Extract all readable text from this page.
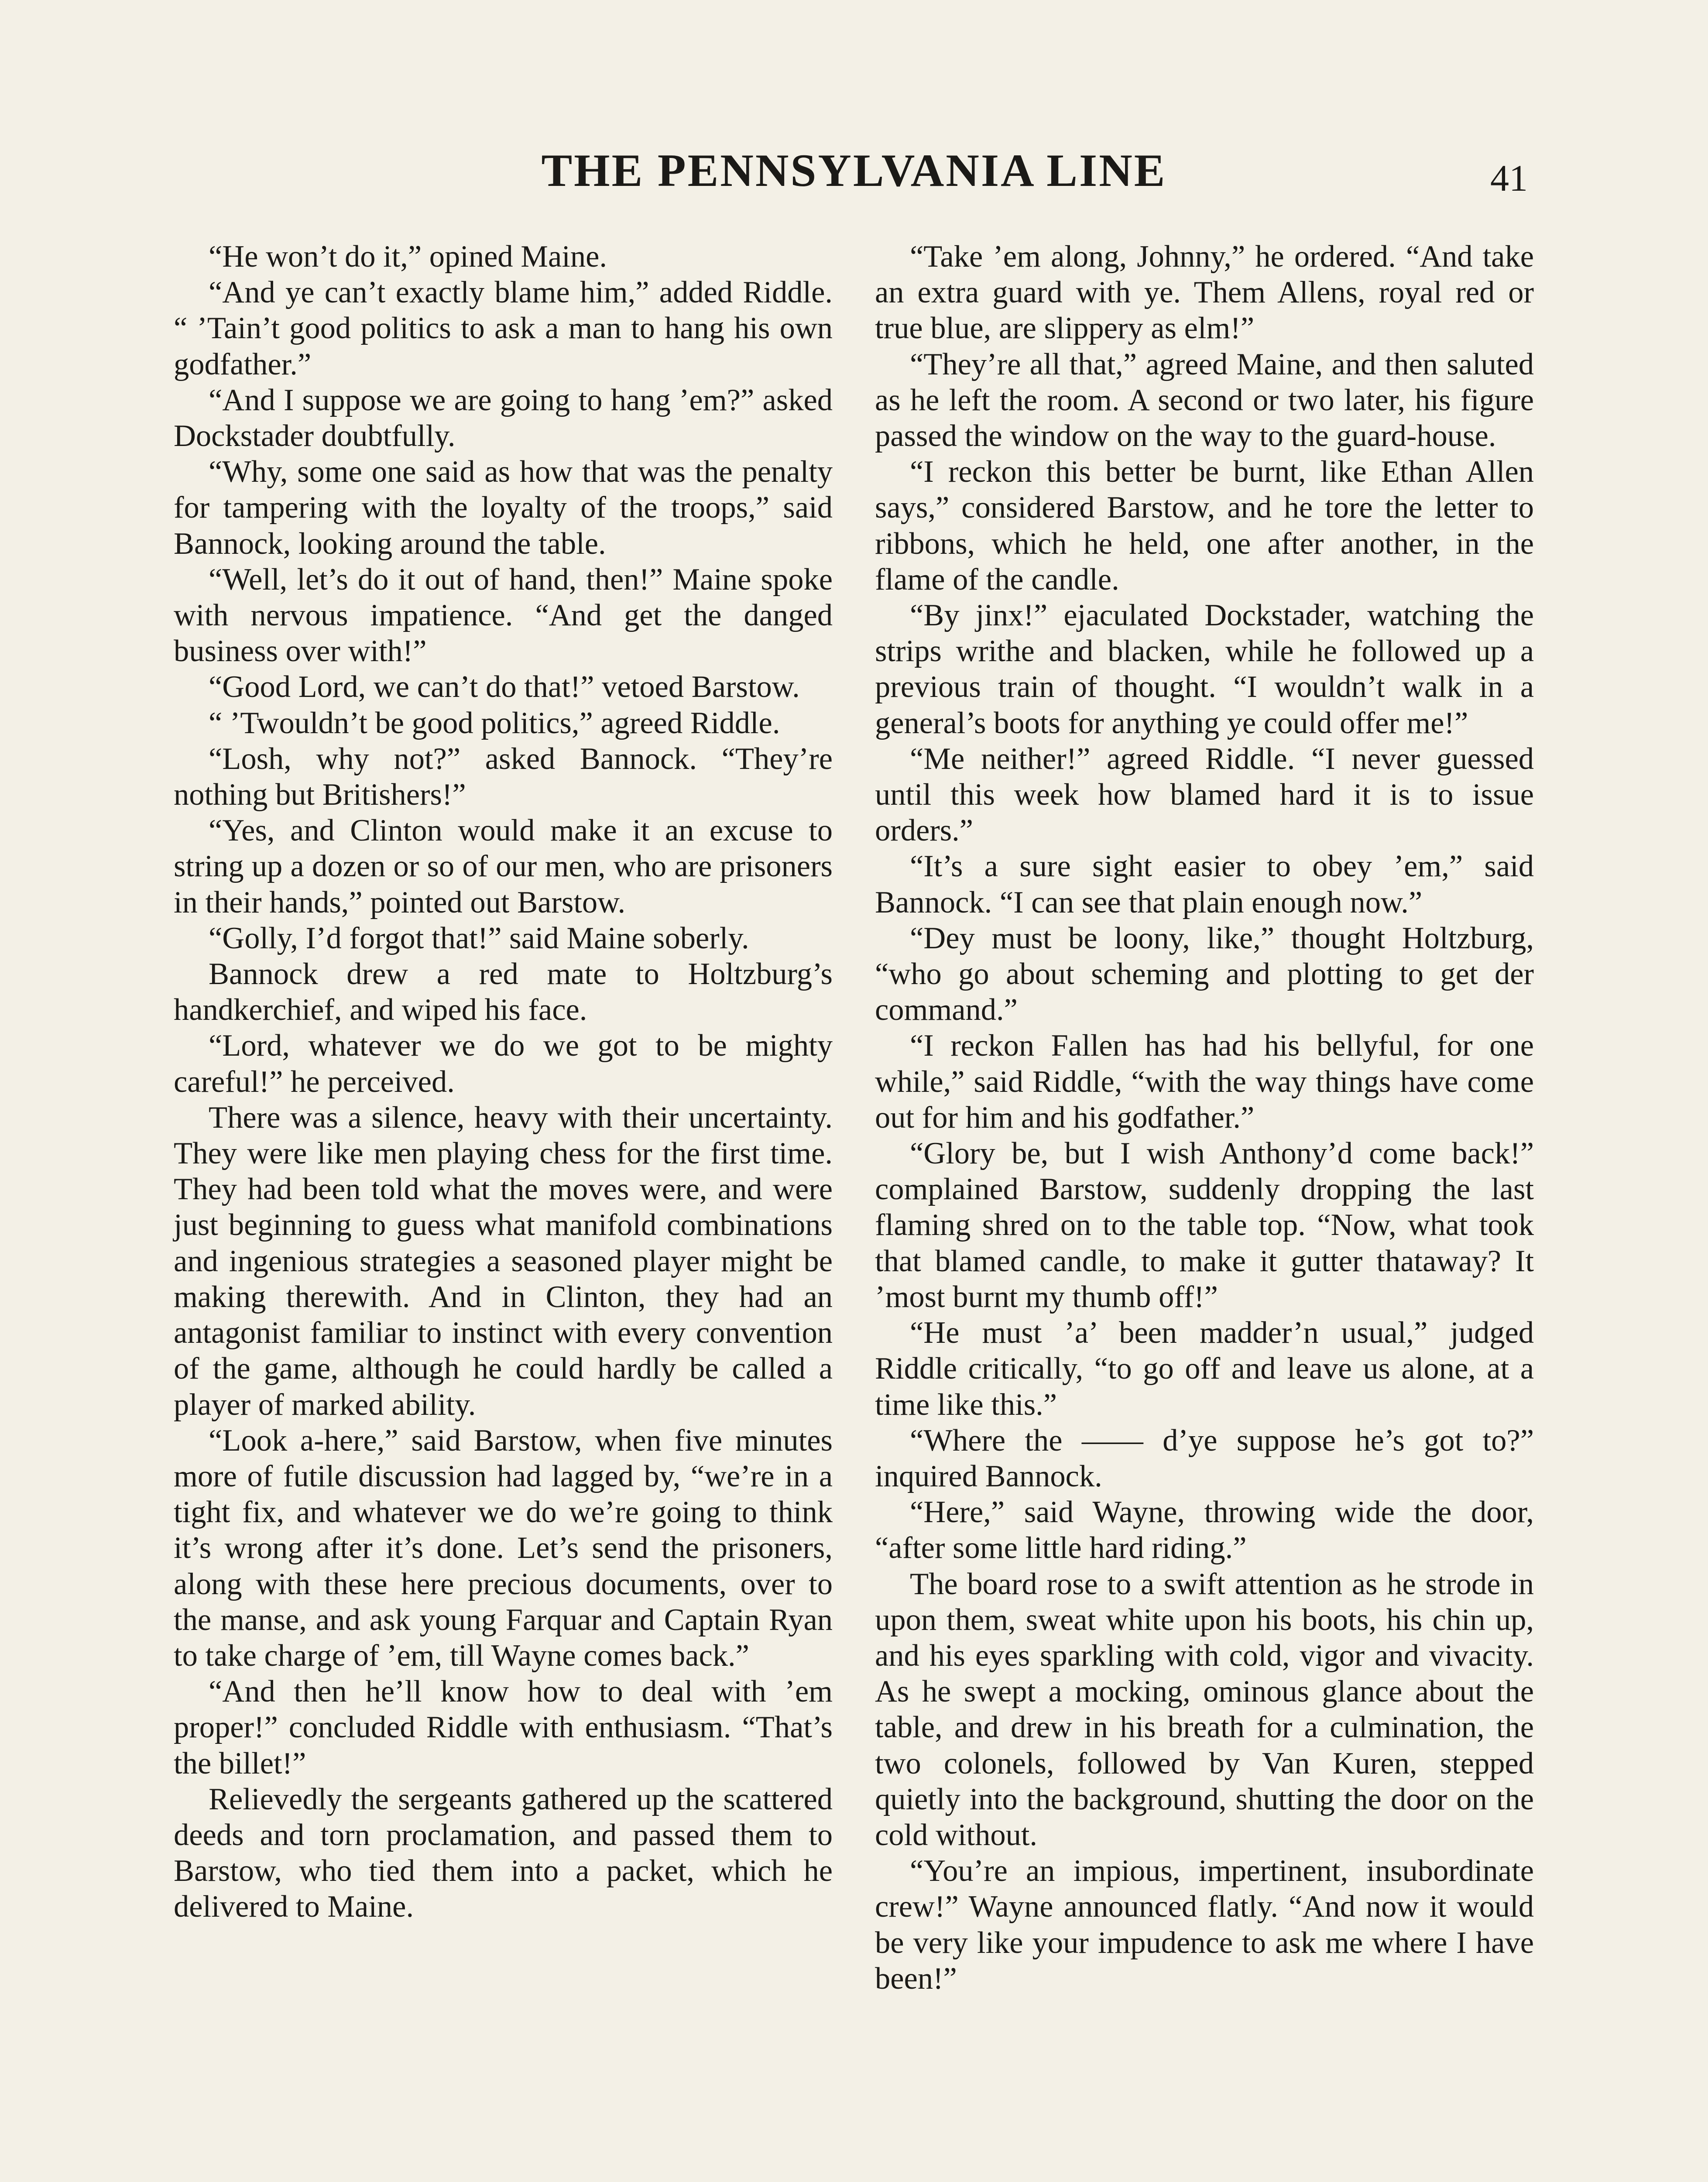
THE PENNSYLVANIA LINE	41

“He won’t do it,” opined Maine.

“And ye can’t exactly blame him,” added Riddle. “ ’Tain’t good politics to ask a man to hang his own godfather.”

“And I suppose we are going to hang ’em?” asked Dockstader doubtfully.

“Why, some one said as how that was the penalty for tampering with the loyalty of the troops,” said Bannock, looking around the table.

“Well, let’s do it out of hand, then!” Maine spoke with nervous impatience. “And get the danged business over with!”

“Good Lord, we can’t do that!” vetoed Barstow.

“ ’Twouldn’t be good politics,” agreed Riddle.

“Losh, why not?” asked Bannock. “They’re nothing but Britishers!”

“Yes, and Clinton would make it an excuse to string up a dozen or so of our men, who are prisoners in their hands,” pointed out Barstow.

“Golly, I’d forgot that!” said Maine soberly.

Bannock drew a red mate to Holtzburg’s handkerchief, and wiped his face.

“Lord, whatever we do we got to be mighty careful!” he perceived.

There was a silence, heavy with their uncertainty. They were like men playing chess for the first time. They had been told what the moves were, and were just beginning to guess what manifold combinations and ingenious strategies a seasoned player might be making therewith. And in Clinton, they had an antagonist familiar to instinct with every convention of the game, although he could hardly be called a player of marked ability.

“Look a-here,” said Barstow, when five minutes more of futile discussion had lagged by, “we’re in a tight fix, and whatever we do we’re going to think it’s wrong after it’s done. Let’s send the prisoners, along with these here precious documents, over to the manse, and ask young Farquar and Captain Ryan to take charge of ’em, till Wayne comes back.”

“And then he’ll know how to deal with ’em proper!” concluded Riddle with enthusiasm. “That’s the billet!”

Relievedly the sergeants gathered up the scattered deeds and torn proclamation, and passed them to Barstow, who tied them into a packet, which he delivered to Maine.

“Take ’em along, Johnny,” he ordered. “And take an extra guard with ye. Them Allens, royal red or true blue, are slippery as elm!”

“They’re all that,” agreed Maine, and then saluted as he left the room. A second or two later, his figure passed the window on the way to the guard-house.

“I reckon this better be burnt, like Ethan Allen says,” considered Barstow, and he tore the letter to ribbons, which he held, one after another, in the flame of the candle.

“By jinx!” ejaculated Dockstader, watching the strips writhe and blacken, while he followed up a previous train of thought. “I wouldn’t walk in a general’s boots for anything ye could offer me!”

“Me neither!” agreed Riddle. “I never guessed until this week how blamed hard it is to issue orders.”

“It’s a sure sight easier to obey ’em,” said Bannock. “I can see that plain enough now.”

“Dey must be loony, like,” thought Holtzburg, “who go about scheming and plotting to get der command.”

“I reckon Fallen has had his bellyful, for one while,” said Riddle, “with the way things have come out for him and his godfather.”

“Glory be, but I wish Anthony’d come back!” complained Barstow, suddenly dropping the last flaming shred on to the table top. “Now, what took that blamed candle, to make it gutter thataway? It ’most burnt my thumb off!”

“He must ’a’ been madder’n usual,” judged Riddle critically, “to go off and leave us alone, at a time like this.”

“Where the —— d’ye suppose he’s got to?” inquired Bannock.

“Here,” said Wayne, throwing wide the door, “after some little hard riding.”

The board rose to a swift attention as he strode in upon them, sweat white upon his boots, his chin up, and his eyes sparkling with cold, vigor and vivacity. As he swept a mocking, ominous glance about the table, and drew in his breath for a culmination, the two colonels, followed by Van Kuren, stepped quietly into the background, shutting the door on the cold without.

“You’re an impious, impertinent, insubordinate crew!” Wayne announced flatly. “And now it would be very like your impudence to ask me where I have been!”
